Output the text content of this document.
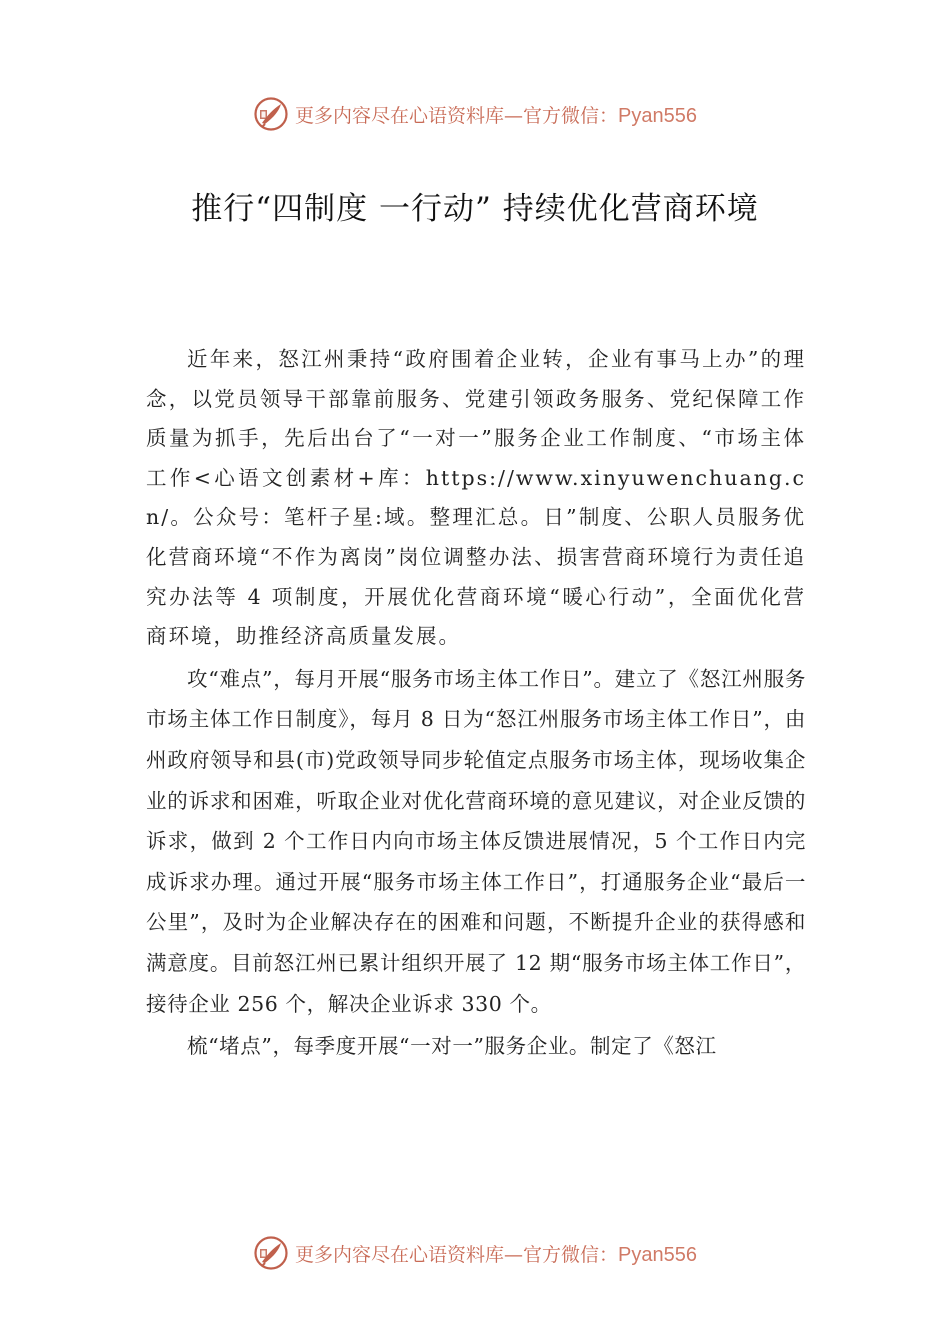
更多内容尽在心语资料库—官方微信：Pyan556
推行“四制度 一行动” 持续优化营商环境

近年来，怒江州秉持“政府围着企业转，企业有事马上办”的理念，以党员领导干部靠前服务、党建引领政务服务、党纪保障工作质量为抓手，先后出台了“一对一”服务企业工作制度、“市场主体工作<心语文创素材+库：https://www.xinyuwenchuang.cn/。公众号：笔杆子星:域。整理汇总。日”制度、公职人员服务优化营商环境“不作为离岗”岗位调整办法、损害营商环境行为责任追究办法等 4 项制度，开展优化营商环境“暖心行动”，全面优化营商环境，助推经济高质量发展。

攻“难点”，每月开展“服务市场主体工作日”。建立了《怒江州服务市场主体工作日制度》，每月 8 日为“怒江州服务市场主体工作日”，由州政府领导和县(市)党政领导同步轮值定点服务市场主体，现场收集企业的诉求和困难，听取企业对优化营商环境的意见建议，对企业反馈的诉求，做到 2 个工作日内向市场主体反馈进展情况，5 个工作日内完成诉求办理。通过开展“服务市场主体工作日”，打通服务企业“最后一公里”，及时为企业解决存在的困难和问题，不断提升企业的获得感和满意度。目前怒江州已累计组织开展了 12 期“服务市场主体工作日”，接待企业 256 个，解决企业诉求 330 个。

梳“堵点”，每季度开展“一对一”服务企业。制定了《怒江

更多内容尽在心语资料库—官方微信：Pyan556
